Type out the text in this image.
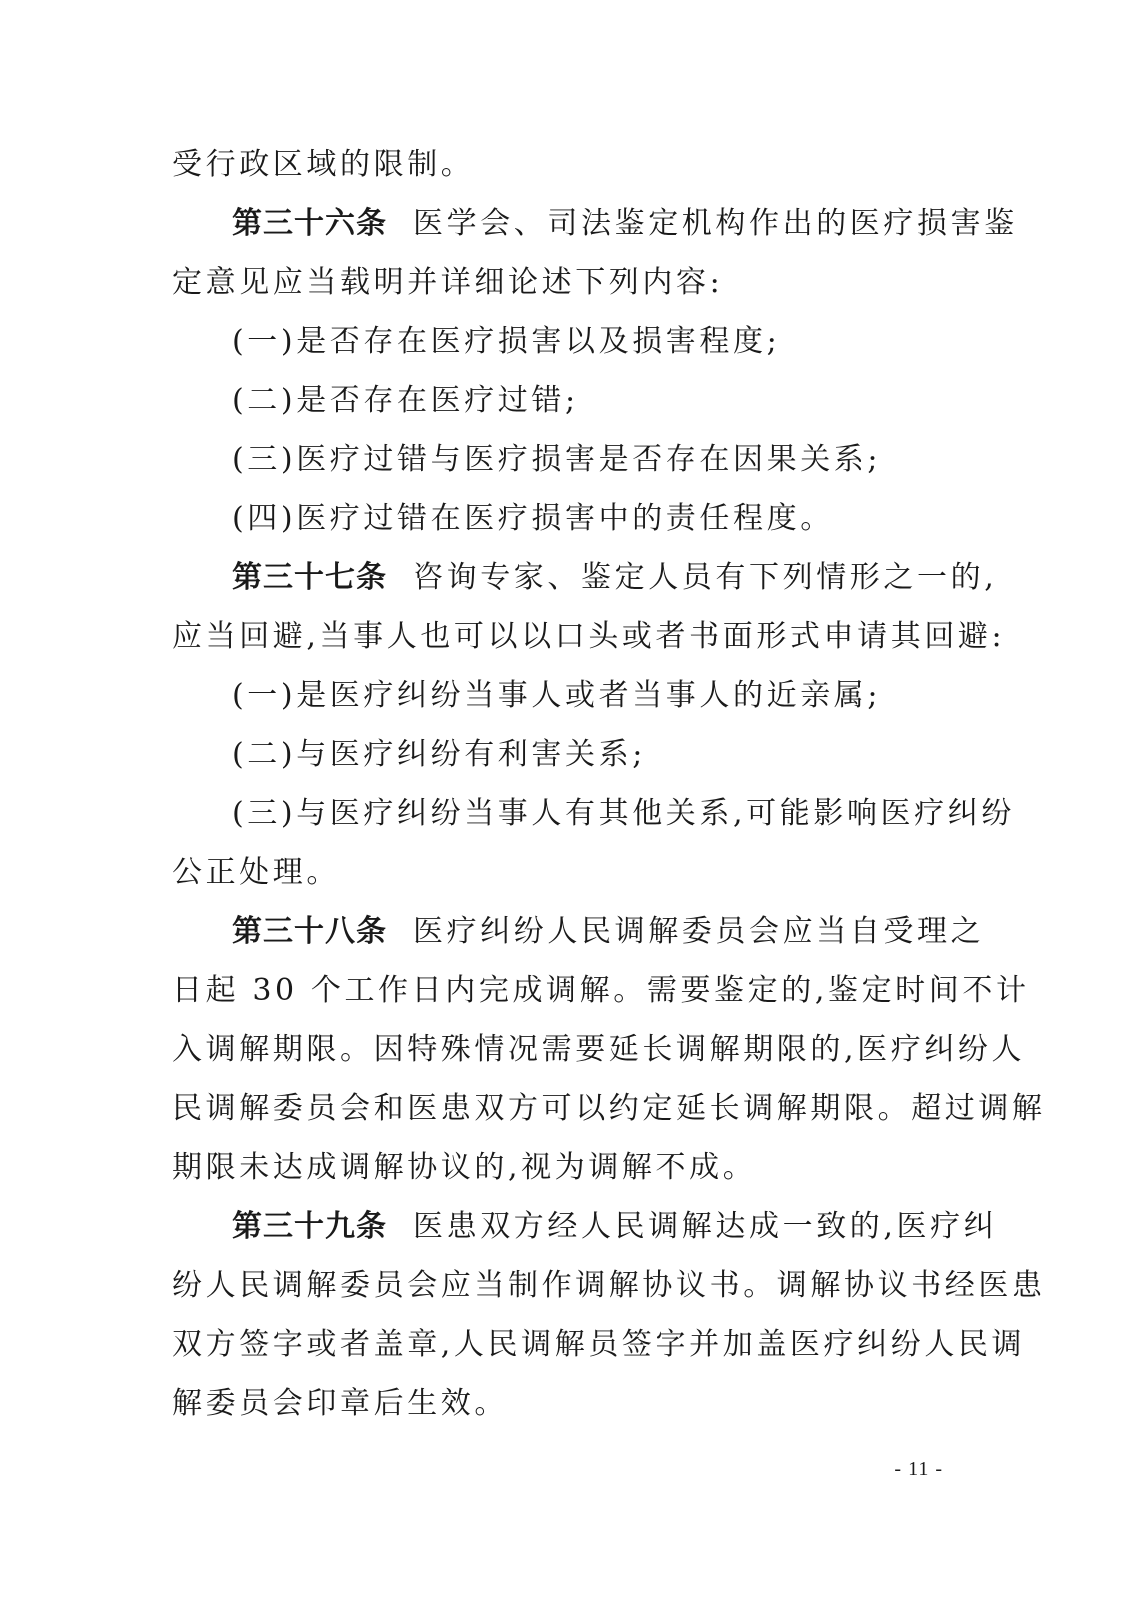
受行政区域的限制。
第三十六条 医学会、司法鉴定机构作出的医疗损害鉴
定意见应当载明并详细论述下列内容:
(一)是否存在医疗损害以及损害程度;
(二)是否存在医疗过错;
(三)医疗过错与医疗损害是否存在因果关系;
(四)医疗过错在医疗损害中的责任程度。
第三十七条 咨询专家、鉴定人员有下列情形之一的,
应当回避,当事人也可以以口头或者书面形式申请其回避:
(一)是医疗纠纷当事人或者当事人的近亲属;
(二)与医疗纠纷有利害关系;
(三)与医疗纠纷当事人有其他关系,可能影响医疗纠纷
公正处理。
第三十八条 医疗纠纷人民调解委员会应当自受理之
日起 30 个工作日内完成调解。需要鉴定的,鉴定时间不计
入调解期限。因特殊情况需要延长调解期限的,医疗纠纷人
民调解委员会和医患双方可以约定延长调解期限。超过调解
期限未达成调解协议的,视为调解不成。
第三十九条 医患双方经人民调解达成一致的,医疗纠
纷人民调解委员会应当制作调解协议书。调解协议书经医患
双方签字或者盖章,人民调解员签字并加盖医疗纠纷人民调
解委员会印章后生效。
- 11 -
